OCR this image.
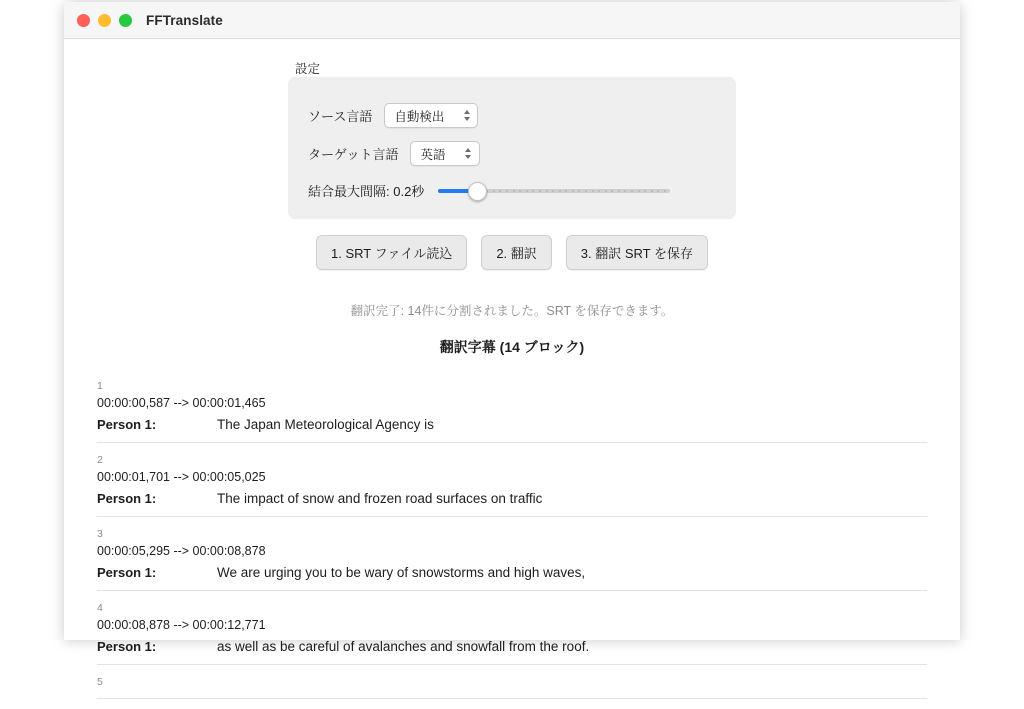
FFTranslate
設定
ソース言語 自動検出
ターゲット言語 英語
結合最大間隔: 0.2秒
1. SRT ファイル読込	2. 翻訳	3. 翻訳 SRT を保存
翻訳完了: 14件に分割されました。SRT を保存できます。
翻訳字幕 (14 ブロック)
1
00:00:00,587 --> 00:00:01,465
Person 1:	The Japan Meteorological Agency is
2
00:00:01,701 --> 00:00:05,025
Person 1:	The impact of snow and frozen road surfaces on traffic
3
00:00:05,295 --> 00:00:08,878
Person 1:	We are urging you to be wary of snowstorms and high waves,
4
00:00:08,878 --> 00:00:12,771
Person 1:	as well as be careful of avalanches and snowfall from the roof.
5
